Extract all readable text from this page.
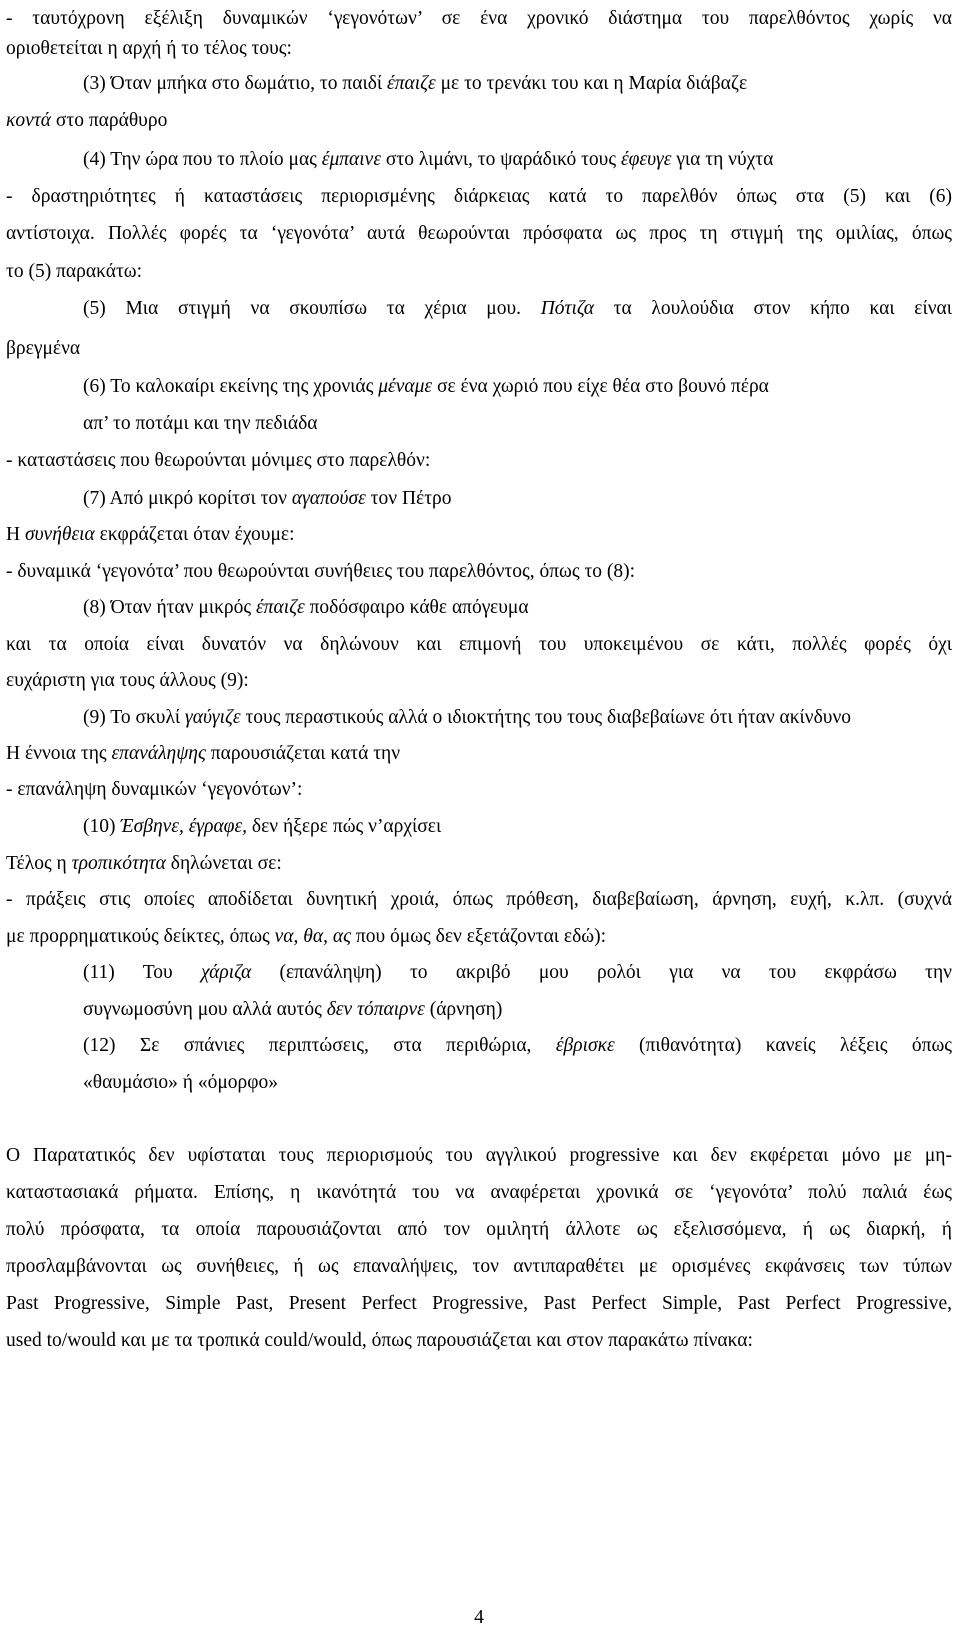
- ταυτόχρονη εξέλιξη δυναμικών ‘γεγονότων’ σε ένα χρονικό διάστημα του παρελθόντος χωρίς να
οριοθετείται η αρχή ή το τέλος τους:
(3) Όταν μπήκα στο δωμάτιο, το παιδί έπαιζε με το τρενάκι του και η Μαρία διάβαζε
κοντά στο παράθυρο
(4) Την ώρα που το πλοίο μας έμπαινε στο λιμάνι, το ψαράδικό τους έφευγε για τη νύχτα
- δραστηριότητες ή καταστάσεις περιορισμένης διάρκειας κατά το παρελθόν όπως στα (5) και (6)
αντίστοιχα. Πολλές φορές τα ‘γεγονότα’ αυτά θεωρούνται πρόσφατα ως προς τη στιγμή της ομιλίας, όπως
το (5) παρακάτω:
(5) Μια στιγμή να σκουπίσω τα χέρια μου. Πότιζα τα λουλούδια στον κήπο και είναι
βρεγμένα
(6) Το καλοκαίρι εκείνης της χρονιάς μέναμε σε ένα χωριό που είχε θέα στο βουνό πέρα
απ’ το ποτάμι και την πεδιάδα
- καταστάσεις που θεωρούνται μόνιμες στο παρελθόν:
(7) Από μικρό κορίτσι τον αγαπούσε τον Πέτρο
Η συνήθεια εκφράζεται όταν έχουμε:
- δυναμικά ‘γεγονότα’ που θεωρούνται συνήθειες του παρελθόντος, όπως το (8):
(8) Όταν ήταν μικρός έπαιζε ποδόσφαιρο κάθε απόγευμα
και τα οποία είναι δυνατόν να δηλώνουν και επιμονή του υποκειμένου σε κάτι, πολλές φορές όχι
ευχάριστη για τους άλλους (9):
(9) Το σκυλί γαύγιζε τους περαστικούς αλλά ο ιδιοκτήτης του τους διαβεβαίωνε ότι ήταν ακίνδυνο
Η έννοια της επανάληψης παρουσιάζεται κατά την
- επανάληψη δυναμικών ‘γεγονότων’:
(10) Έσβηνε, έγραφε, δεν ήξερε πώς ν’αρχίσει
Τέλος η τροπικότητα δηλώνεται σε:
- πράξεις στις οποίες αποδίδεται δυνητική χροιά, όπως πρόθεση, διαβεβαίωση, άρνηση, ευχή, κ.λπ. (συχνά
με προρρηματικούς δείκτες, όπως να, θα, ας που όμως δεν εξετάζονται εδώ):
(11) Του χάριζα (επανάληψη) το ακριβό μου ρολόι για να του εκφράσω την
συγνωμοσύνη μου αλλά αυτός δεν τόπαιρνε (άρνηση)
(12) Σε σπάνιες περιπτώσεις, στα περιθώρια, έβρισκε (πιθανότητα) κανείς λέξεις όπως
«θαυμάσιο» ή «όμορφο»
Ο Παρατατικός δεν υφίσταται τους περιορισμούς του αγγλικού progressive και δεν εκφέρεται μόνο με μη-
καταστασιακά ρήματα. Επίσης, η ικανότητά του να αναφέρεται χρονικά σε ‘γεγονότα’ πολύ παλιά έως
πολύ πρόσφατα, τα οποία παρουσιάζονται από τον ομιλητή άλλοτε ως εξελισσόμενα, ή ως διαρκή, ή
προσλαμβάνονται ως συνήθειες, ή ως επαναλήψεις, τον αντιπαραθέτει με ορισμένες εκφάνσεις των τύπων
Past Progressive, Simple Past, Present Perfect Progressive, Past Perfect Simple, Past Perfect Progressive,
used to/would και με τα τροπικά could/would, όπως παρουσιάζεται και στον παρακάτω πίνακα:
4
